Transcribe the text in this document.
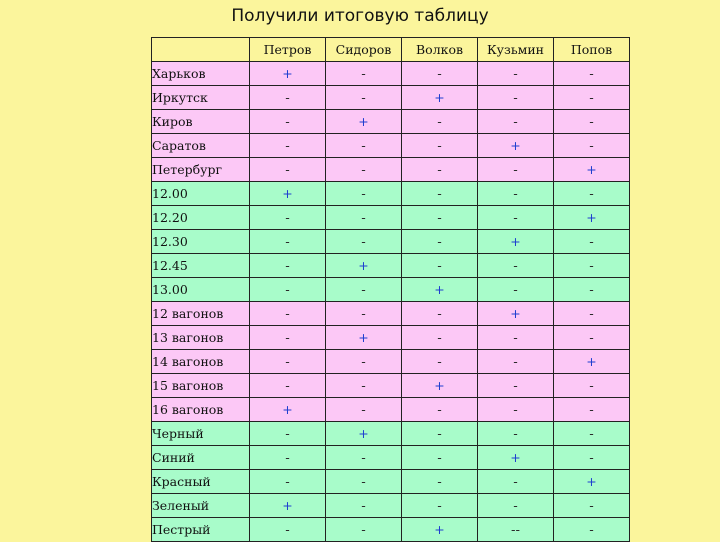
Получили итоговую таблицу
	Петров	Сидоров	Волков	Кузьмин	Попов
Харьков	+	-	-	-	-
Иркутск	-	-	+	-	-
Киров	-	+	-	-	-
Саратов	-	-	-	+	-
Петербург	-	-	-	-	+
12.00	+	-	-	-	-
12.20	-	-	-	-	+
12.30	-	-	-	+	-
12.45	-	+	-	-	-
13.00	-	-	+	-	-
12 вагонов	-	-	-	+	-
13 вагонов	-	+	-	-	-
14 вагонов	-	-	-	-	+
15 вагонов	-	-	+	-	-
16 вагонов	+	-	-	-	-
Черный	-	+	-	-	-
Синий	-	-	-	+	-
Красный	-	-	-	-	+
Зеленый	+	-	-	-	-
Пестрый	-	-	+	--	-
